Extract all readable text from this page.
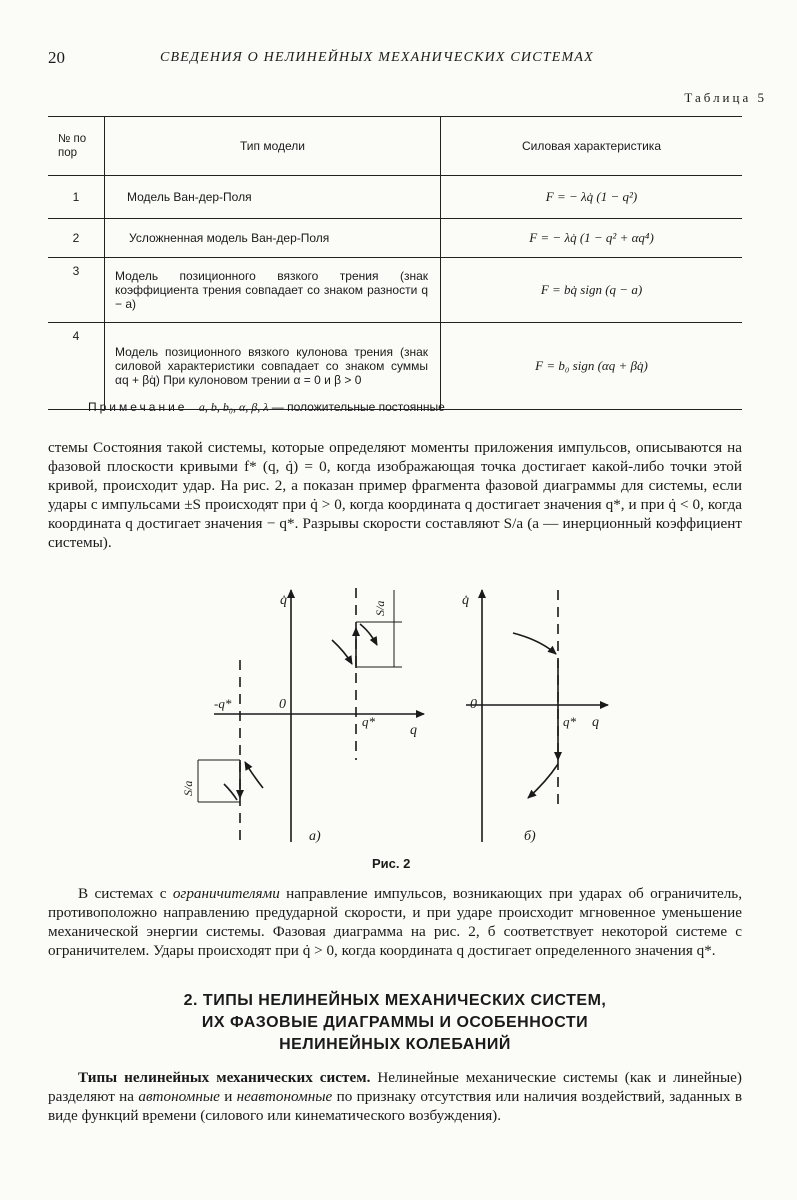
20	СВЕДЕНИЯ О НЕЛИНЕЙНЫХ МЕХАНИЧЕСКИХ СИСТЕМАХ
Таблица 5
№ по пор	Тип модели	Силовая характеристика
1	Модель Ван-дер-Поля	F = − λq̇ (1 − q²)
2	Усложненная модель Ван-дер-Поля	F = − λq̇ (1 − q² + αq⁴)
3	Модель позиционного вязкого трения (знак коэффициента трения совпадает со знаком разности q − a)	F = bq̇ sign (q − a)
4	Модель позиционного вязкого кулонова трения (знак силовой характеристики совпадает со знаком суммы αq + βq̇) При кулоновом трении α = 0 и β > 0	F = b₀ sign (αq + βq̇)
Примечание a, b, b₀, α, β, λ — положительные постоянные

стемы Состояния такой системы, которые определяют моменты приложения импульсов, описываются на фазовой плоскости кривыми f* (q, q̇) = 0, когда изображающая точка достигает какой-либо точки этой кривой, происходит удар. На рис. 2, а показан пример фрагмента фазовой диаграммы для системы, если удары с импульсами ±S происходят при q̇ > 0, когда координата q достигает значения q*, и при q̇ < 0, когда координата q достигает значения − q*. Разрывы скорости составляют S/a (a — инерционный коэффициент системы).

q̇
q
0
q*
-q*
S/a
S/a
а)
q̇
q
0
q*
б)
Рис. 2

В системах с ограничителями направление импульсов, возникающих при ударах об ограничитель, противоположно направлению предударной скорости, и при ударе происходит мгновенное уменьшение механической энергии системы. Фазовая диаграмма на рис. 2, б соответствует некоторой системе с ограничителем. Удары происходят при q̇ > 0, когда координата q достигает определенного значения q*.

2. ТИПЫ НЕЛИНЕЙНЫХ МЕХАНИЧЕСКИХ СИСТЕМ,
ИХ ФАЗОВЫЕ ДИАГРАММЫ И ОСОБЕННОСТИ
НЕЛИНЕЙНЫХ КОЛЕБАНИЙ

Типы нелинейных механических систем. Нелинейные механические системы (как и линейные) разделяют на автономные и неавтономные по признаку отсутствия или наличия воздействий, заданных в виде функций времени (силового или кинематического возбуждения).
